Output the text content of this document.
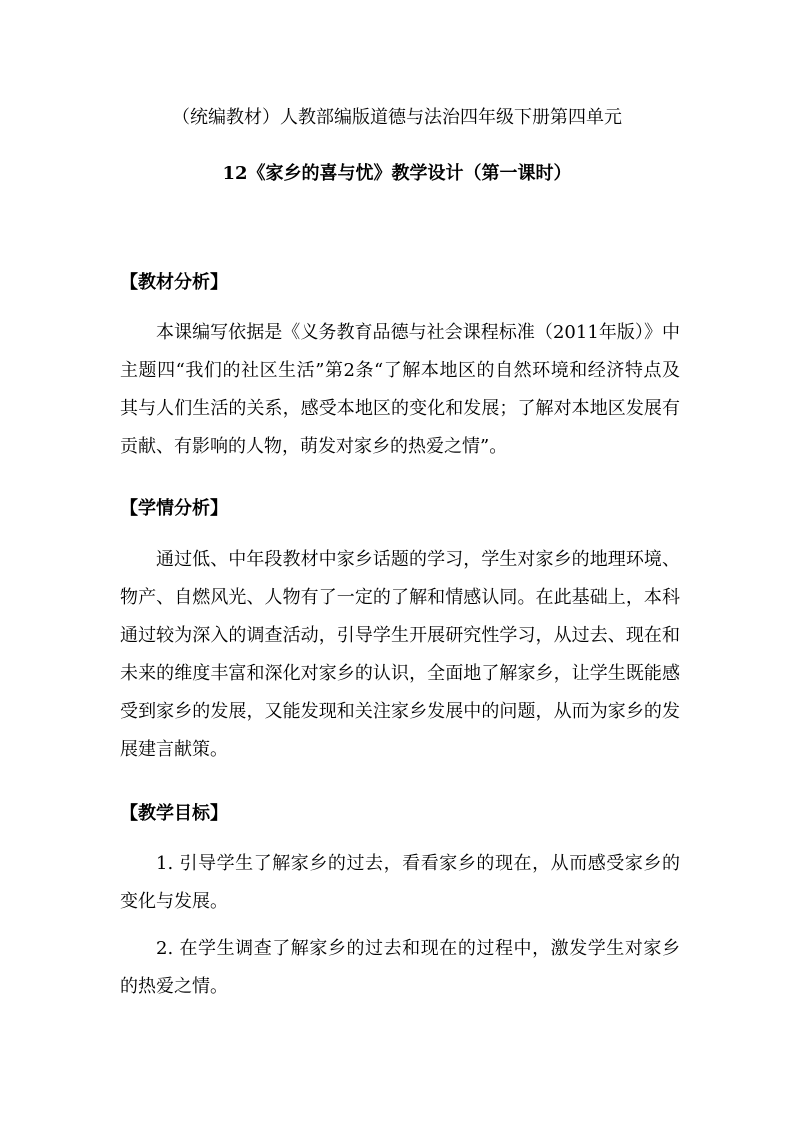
（统编教材）人教部编版道德与法治四年级下册第四单元
12《家乡的喜与忧》教学设计（第一课时）
【教材分析】
本课编写依据是《义务教育品德与社会课程标准（2011年版）》中主题四“我们的社区生活”第2条“了解本地区的自然环境和经济特点及其与人们生活的关系，感受本地区的变化和发展；了解对本地区发展有贡献、有影响的人物，萌发对家乡的热爱之情”。
【学情分析】
通过低、中年段教材中家乡话题的学习，学生对家乡的地理环境、物产、自燃风光、人物有了一定的了解和情感认同。在此基础上，本科通过较为深入的调查活动，引导学生开展研究性学习，从过去、现在和未来的维度丰富和深化对家乡的认识，全面地了解家乡，让学生既能感受到家乡的发展，又能发现和关注家乡发展中的问题，从而为家乡的发展建言献策。
【教学目标】
1. 引导学生了解家乡的过去，看看家乡的现在，从而感受家乡的变化与发展。
2. 在学生调查了解家乡的过去和现在的过程中，激发学生对家乡的热爱之情。
